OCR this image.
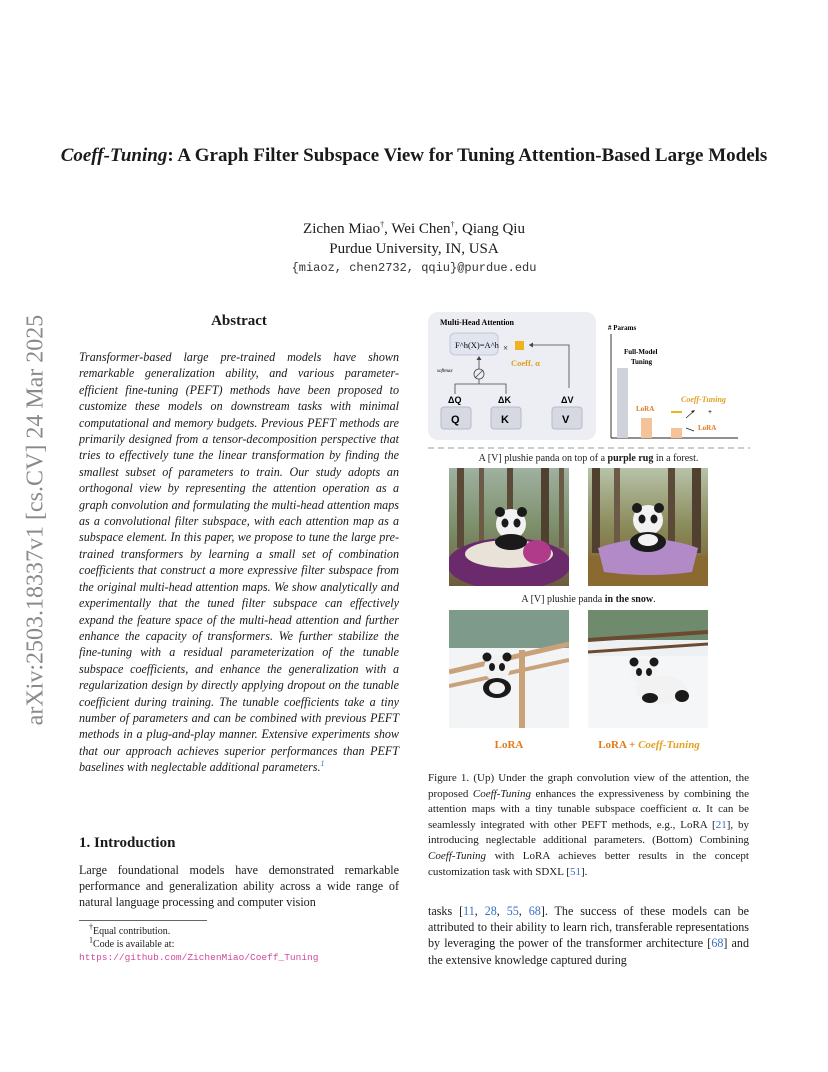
arXiv:2503.18337v1 [cs.CV] 24 Mar 2025
Coeff-Tuning: A Graph Filter Subspace View for Tuning Attention-Based Large Models
Zichen Miao†, Wei Chen†, Qiang Qiu
Purdue University, IN, USA
{miaoz, chen2732, qqiu}@purdue.edu
Abstract
Transformer-based large pre-trained models have shown remarkable generalization ability, and various parameter-efficient fine-tuning (PEFT) methods have been proposed to customize these models on downstream tasks with minimal computational and memory budgets. Previous PEFT methods are primarily designed from a tensor-decomposition perspective that tries to effectively tune the linear transformation by finding the smallest subset of parameters to train. Our study adopts an orthogonal view by representing the attention operation as a graph convolution and formulating the multi-head attention maps as a convolutional filter subspace, with each attention map as a subspace element. In this paper, we propose to tune the large pre-trained transformers by learning a small set of combination coefficients that construct a more expressive filter subspace from the original multi-head attention maps. We show analytically and experimentally that the tuned filter subspace can effectively expand the feature space of the multi-head attention and further enhance the capacity of transformers. We further stabilize the fine-tuning with a residual parameterization of the tunable subspace coefficients, and enhance the generalization with a regularization design by directly applying dropout on the tunable coefficient during training. The tunable coefficients take a tiny number of parameters and can be combined with previous PEFT methods in a plug-and-play manner. Extensive experiments show that our approach achieves superior performances than PEFT baselines with neglectable additional parameters.$^1$
1. Introduction
Large foundational models have demonstrated remarkable performance and generalization ability across a wide range of natural language processing and computer vision
†Equal contribution.
$^1$Code is available at: https://github.com/ZichenMiao/Coeff_Tuning
Multi-Head Attention
F^h(X)=A^h ×
Coeff. α
softmax
ΔQ	ΔK	ΔV
Q	K	V
# Params
Full-Model
Tuning
LoRA
Coeff-Tuning
+
LoRA
A [V] plushie panda on top of a purple rug in a forest.
A [V] plushie panda in the snow.
LoRA	LoRA + Coeff-Tuning
Figure 1. (Up) Under the graph convolution view of the attention, the proposed Coeff-Tuning enhances the expressiveness by combining the attention maps with a tiny tunable subspace coefficient α. It can be seamlessly integrated with other PEFT methods, e.g., LoRA [21], by introducing neglectable additional parameters. (Bottom) Combining Coeff-Tuning with LoRA achieves better results in the concept customization task with SDXL [51].
tasks [11, 28, 55, 68]. The success of these models can be attributed to their ability to learn rich, transferable representations by leveraging the power of the transformer architecture [68] and the extensive knowledge captured during
